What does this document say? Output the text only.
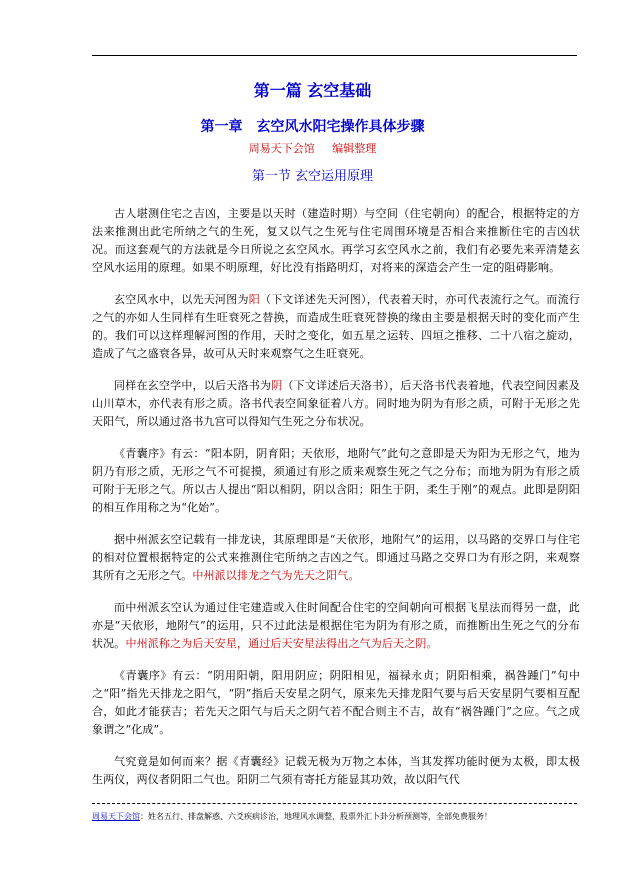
第一篇 玄空基础
第一章　玄空风水阳宅操作具体步骤
周易天下会馆 编辑整理
第一节 玄空运用原理

古人堪测住宅之吉凶，主要是以天时（建造时期）与空间（住宅朝向）的配合，根据特定的方法来推测出此宅所纳之气的生死，复又以气之生死与住宅周围环境是否相合来推断住宅的吉凶状况。而这套观气的方法就是今日所说之玄空风水。再学习玄空风水之前，我们有必要先来弄清楚玄空风水运用的原理。如果不明原理，好比没有指路明灯，对将来的深造会产生一定的阻碍影响。

玄空风水中，以先天河图为阳（下文详述先天河图），代表着天时，亦可代表流行之气。而流行之气的亦如人生同样有生旺衰死之替换，而造成生旺衰死替换的缘由主要是根据天时的变化而产生的。我们可以这样理解河图的作用，天时之变化，如五星之运转、四垣之推移、二十八宿之旋动，造成了气之盛衰各异，故可从天时来观察气之生旺衰死。

同样在玄空学中，以后天洛书为阴（下文详述后天洛书），后天洛书代表着地，代表空间因素及山川草木，亦代表有形之质。洛书代表空间象征着八方。同时地为阴为有形之质，可附于无形之先天阳气，所以通过洛书九宫可以得知气生死之分布状况。

《青囊序》有云：“阳本阴，阴育阳；天依形，地附气”此句之意即是天为阳为无形之气，地为阴乃有形之质，无形之气不可捉摸，须通过有形之质来观察生死之气之分布；而地为阴为有形之质可附于无形之气。所以古人提出“阳以相阴，阴以含阳；阳生于阴，柔生于刚”的观点。此即是阴阳的相互作用称之为“化始”。

据中州派玄空记载有一排龙诀，其原理即是“天依形，地附气”的运用，以马路的交界口与住宅的相对位置根据特定的公式来推测住宅所纳之吉凶之气。即通过马路之交界口为有形之阴，来观察其所有之无形之气。中州派以排龙之气为先天之阳气。

而中州派玄空认为通过住宅建造或入住时间配合住宅的空间朝向可根据飞星法而得另一盘，此亦是“天依形，地附气”的运用，只不过此法是根据住宅为阴为有形之质，而推断出生死之气的分布状况。中州派称之为后天安星，通过后天安星法得出之气为后天之阴。

《青囊序》有云：“阴用阳朝，阳用阴应；阴阳相见，福禄永贞；阴阳相乘，祸咎踵门”句中之“阳”指先天排龙之阳气，“阴”指后天安星之阴气，原来先天排龙阳气要与后天安星阴气要相互配合，如此才能获吉；若先天之阳气与后天之阴气若不配合则主不吉，故有“祸咎踵门”之应。气之成象谓之“化成”。

气究竟是如何而来？据《青囊经》记载无极为万物之本体，当其发挥功能时便为太极，即太极生两仪，两仪者阴阳二气也。阳阴二气须有寄托方能显其功效，故以阳气代

周易天下会馆：姓名五行、排盘解惑、六爻疾病诊治，地理风水调整，股票外汇卜卦分析预测等，全部免费服务！
